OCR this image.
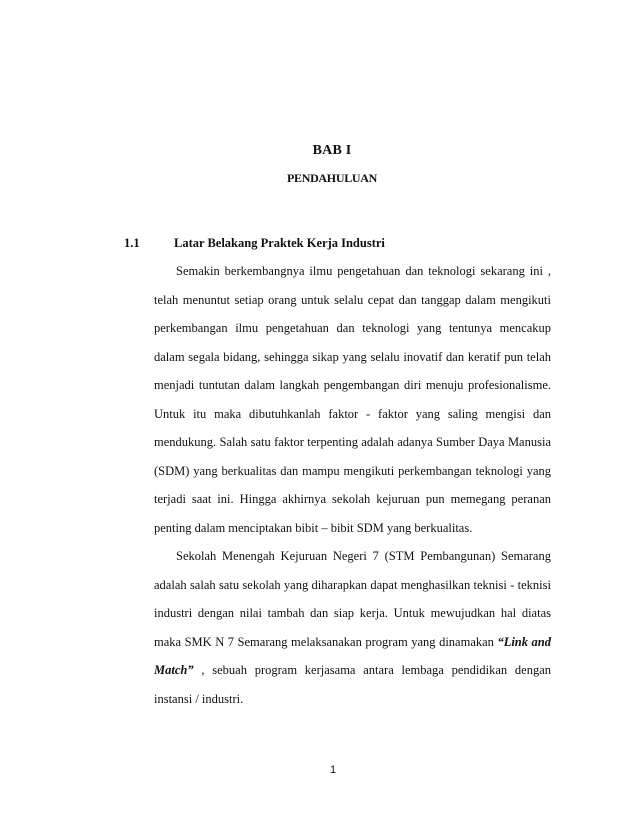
BAB I
PENDAHULUAN
1.1	Latar Belakang Praktek Kerja Industri

Semakin berkembangnya ilmu pengetahuan dan teknologi sekarang ini , telah menuntut setiap orang untuk selalu cepat dan tanggap dalam mengikuti perkembangan ilmu pengetahuan dan teknologi yang tentunya mencakup dalam segala bidang, sehingga sikap yang selalu inovatif dan keratif pun telah menjadi tuntutan dalam langkah pengembangan diri menuju profesionalisme. Untuk itu maka dibutuhkanlah faktor - faktor yang saling mengisi dan mendukung. Salah satu faktor terpenting adalah adanya Sumber Daya Manusia (SDM) yang berkualitas dan mampu mengikuti perkembangan teknologi yang terjadi saat ini. Hingga akhirnya sekolah kejuruan pun memegang peranan penting dalam menciptakan bibit – bibit SDM yang berkualitas.

Sekolah Menengah Kejuruan Negeri 7 (STM Pembangunan) Semarang adalah salah satu sekolah yang diharapkan dapat menghasilkan teknisi - teknisi industri dengan nilai tambah dan siap kerja. Untuk mewujudkan hal diatas maka SMK N 7 Semarang melaksanakan program yang dinamakan “Link and Match” , sebuah program kerjasama antara lembaga pendidikan dengan instansi / industri.

1
